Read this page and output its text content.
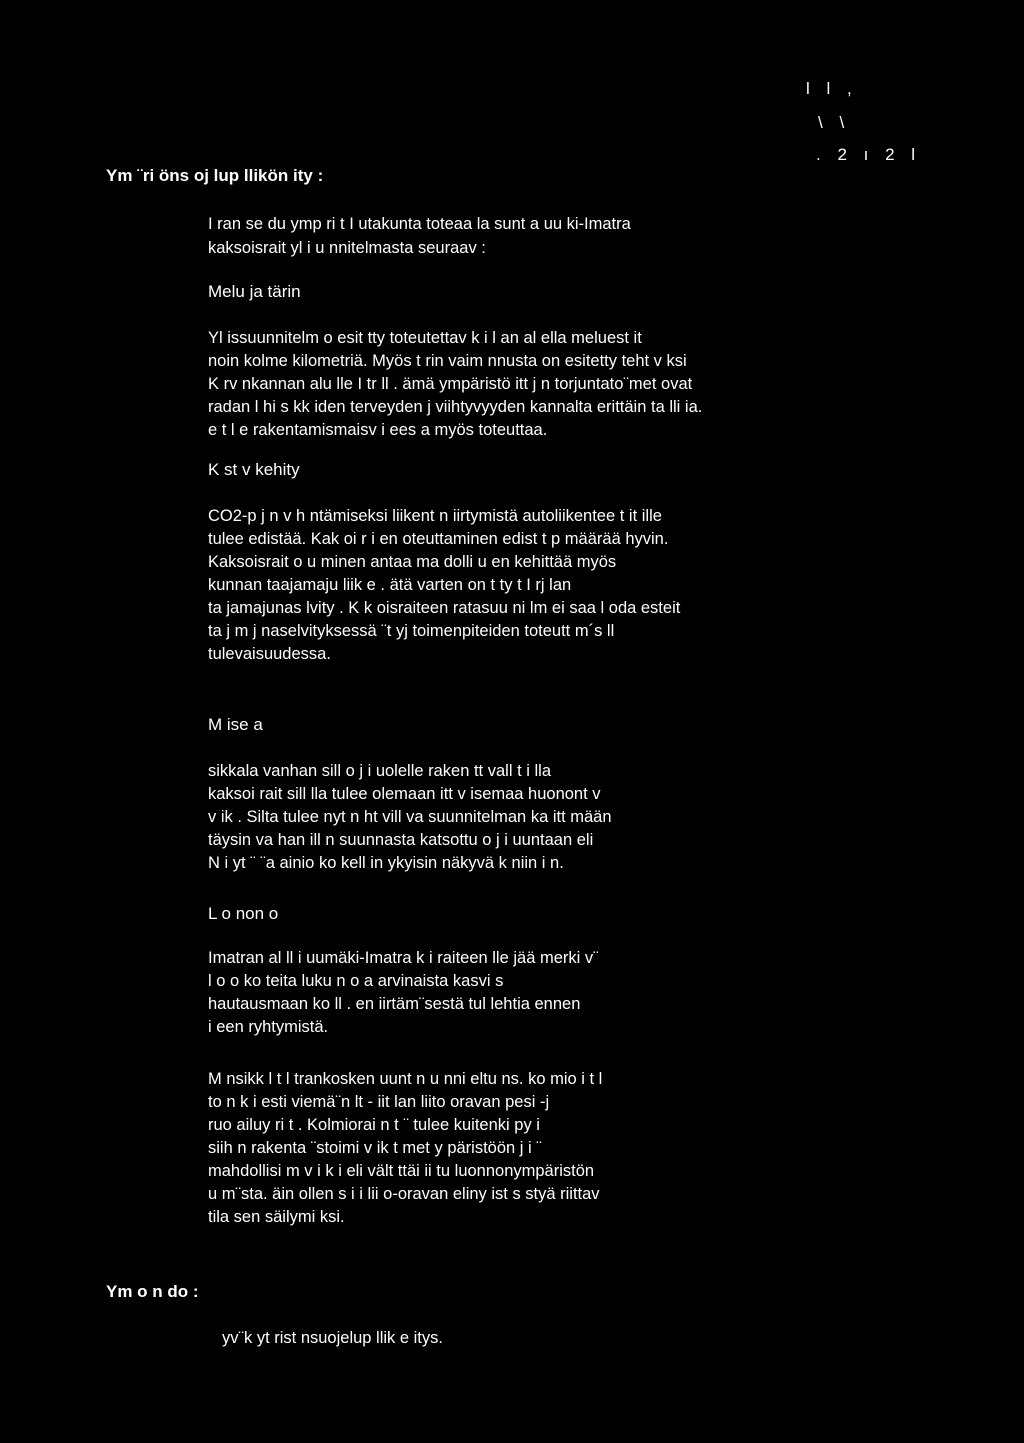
l l ,
\ \
. 2 ı 2 l
Ym ¨ri öns oj lup llikön ity :
I ran se du ymp ri t I utakunta toteaa la sunt a uu ki-Imatra
kaksoisrait yl i u nnitelmasta seuraav :
Melu ja tärin
Yl issuunnitelm o esit tty toteutettav k i l an al ella meluest it
noin kolme kilometriä. Myös t rin vaim nnusta on esitetty teht v ksi
K rv nkannan alu lle I tr ll . ämä ympäristö itt j n torjuntato¨met ovat
radan l hi s kk iden terveyden j viihtyvyyden kannalta erittäin ta lli ia.
e t l e rakentamismaisv i ees a myös toteuttaa.
K st v kehity
CO2-p j n v h ntämiseksi liikent n iirtymistä autoliikentee t it ille
tulee edistää. Kak oi r i en oteuttaminen edist t p määrää hyvin.
Kaksoisrait o u minen antaa ma dolli u en kehittää myös
kunnan taajamaju liik e . ätä varten on t ty t I rj lan
ta jamajunas lvity . K k oisraiteen ratasuu ni lm ei saa l oda esteit
ta j m j naselvityksessä ¨t yj toimenpiteiden toteutt m´s ll
tulevaisuudessa.
M ise a
sikkala vanhan sill o j i uolelle raken tt vall t i lla
kaksoi rait sill lla tulee olemaan itt v isemaa huonont v
v ik . Silta tulee nyt n ht vill va suunnitelman ka itt mään
täysin va han ill n suunnasta katsottu o j i uuntaan eli
N i yt ¨ ¨a ainio ko kell in ykyisin näkyvä k niin i n.
L o non o
Imatran al ll i uumäki-Imatra k i raiteen lle jää merki v¨
l o o ko teita luku n o a arvinaista kasvi s
hautausmaan ko ll . en iirtäm¨sestä tul lehtia ennen
i een ryhtymistä.
M nsikk l t l trankosken uunt n u nni eltu ns. ko mio i t l
to n k i esti viemä¨n lt - iit lan liito oravan pesi -j
ruo ailuy ri t . Kolmiorai n t ¨ tulee kuitenki py i
siih n rakenta ¨stoimi v ik t met y päristöön j i ¨
mahdollisi m v i k i eli vält ttäi ii tu luonnonympäristön
u m¨sta. äin ollen s i i lii o-oravan eliny ist s styä riittav
tila sen säilymi ksi.
Ym o n do :
yv¨k yt rist nsuojelup llik e itys.
